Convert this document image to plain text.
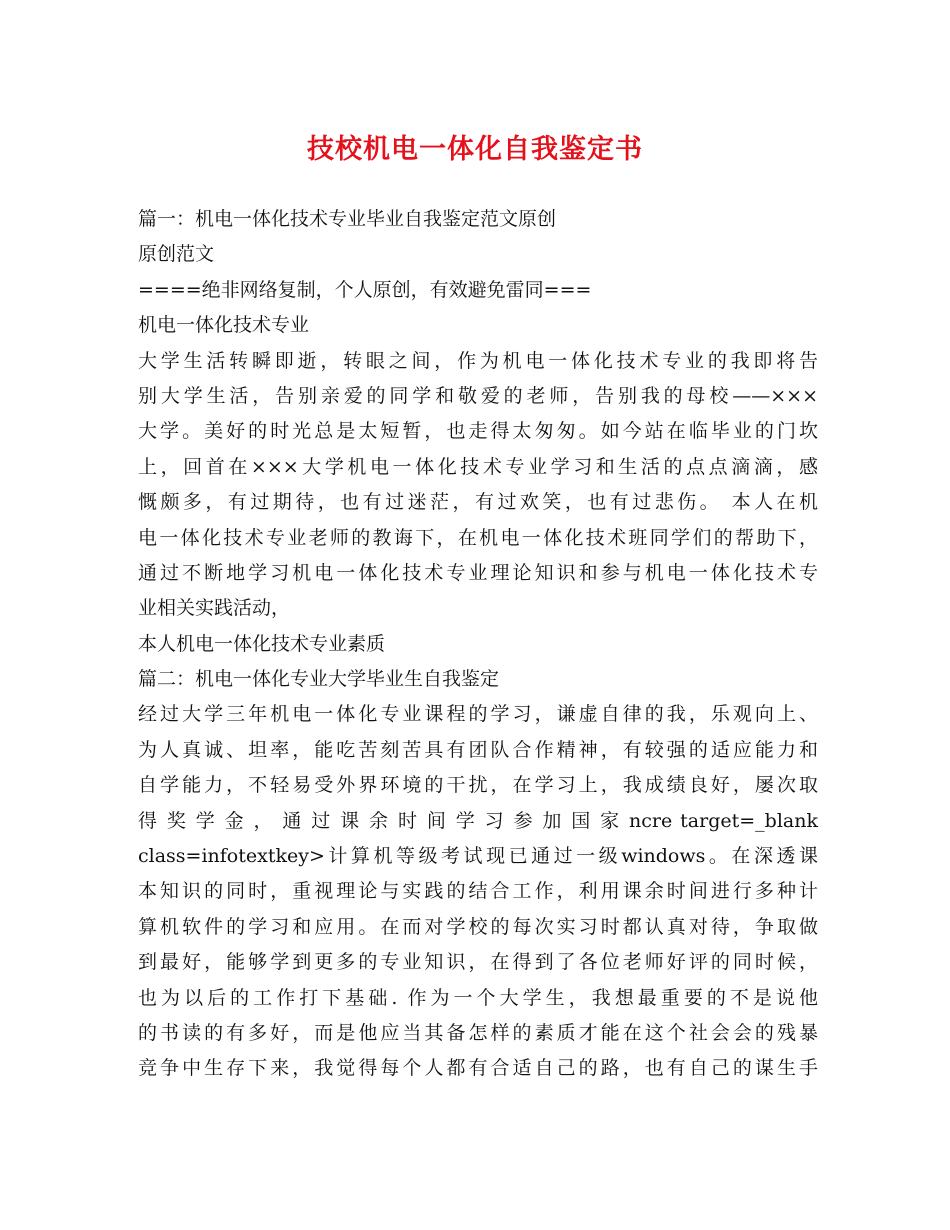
技校机电一体化自我鉴定书
篇一：机电一体化技术专业毕业自我鉴定范文原创
原创范文
====绝非网络复制，个人原创，有效避免雷同===
机电一体化技术专业
大学生活转瞬即逝，转眼之间，作为机电一体化技术专业的我即将告
别大学生活，告别亲爱的同学和敬爱的老师，告别我的母校——×××
大学。美好的时光总是太短暂，也走得太匆匆。如今站在临毕业的门坎
上，回首在×××大学机电一体化技术专业学习和生活的点点滴滴，感
慨颇多，有过期待，也有过迷茫，有过欢笑，也有过悲伤。 本人在机
电一体化技术专业老师的教诲下，在机电一体化技术班同学们的帮助下，
通过不断地学习机电一体化技术专业理论知识和参与机电一体化技术专
业相关实践活动，
本人机电一体化技术专业素质
篇二：机电一体化专业大学毕业生自我鉴定
经过大学三年机电一体化专业课程的学习，谦虚自律的我，乐观向上、
为人真诚、坦率，能吃苦刻苦具有团队合作精神，有较强的适应能力和
自学能力，不轻易受外界环境的干扰，在学习上，我成绩良好，屡次取
得 奖 学 金 ， 通 过 课 余 时 间 学 习 参 加 国 家 ncre target=_blank
class=infotextkey>计算机等级考试现已通过一级windows。在深透课
本知识的同时，重视理论与实践的结合工作，利用课余时间进行多种计
算机软件的学习和应用。在而对学校的每次实习时都认真对待，争取做
到最好，能够学到更多的专业知识，在得到了各位老师好评的同时候，
也为以后的工作打下基础. 作为一个大学生，我想最重要的不是说他
的书读的有多好，而是他应当其备怎样的素质才能在这个社会会的残暴
竞争中生存下来，我觉得每个人都有合适自己的路，也有自己的谋生手
